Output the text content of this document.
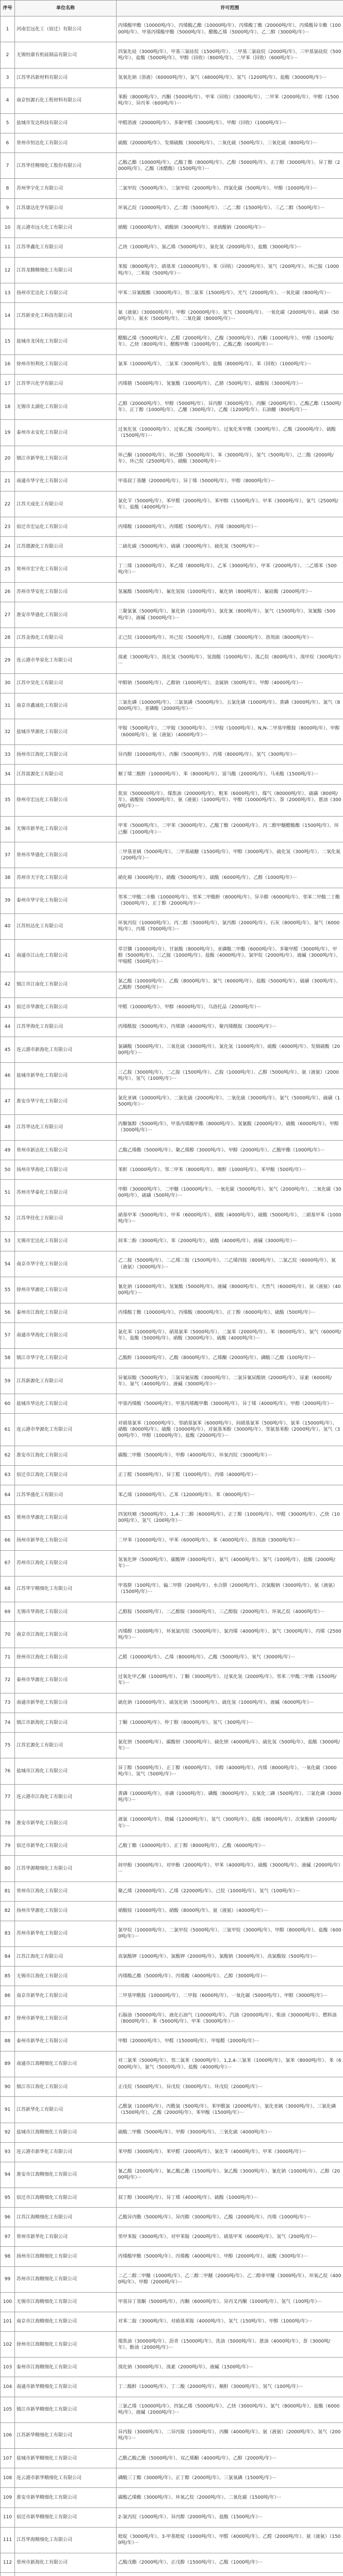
序号	单位名称	许可范围
1	河南宏远化工（宿迁）有限公司	丙烯酸甲酯（10000吨/年）、丙烯酸乙酯（10000吨/年）、丙烯酸丁酯（20000吨/年）、丙烯酸异辛酯（10000吨/年）、甲基丙烯酸甲酯（5000吨/年）、醋酸乙烯（5000吨/年）、乙二醇（3000吨/年）···
2	无锡恒康有机硅制品有限公司	四氯化硅（3000吨/年）、甲基三氯硅烷（1500吨/年）、二甲基二氯硅烷（2000吨/年）、三甲基氯硅烷（500吨/年）、盐酸（5000吨/年）、甲醇（回收）（800吨/年）、二甲苯（回收）（600吨/年）···
3	江苏华昌新材料有限公司	氢氧化钠（溶液）（60000吨/年）、氯气（48000吨/年）、氢气（1200吨/年）、盐酸（30000吨/年）···
4	南京恒源石化工程材料有限公司	苯酚（8000吨/年）、丙酮（5000吨/年）、甲苯（回收）（3000吨/年）、二甲苯（2000吨/年）、甲醇（1500吨/年）、异丙苯（600吨/年）···
5	盐城市发达科技有限公司	甲醛溶液（20000吨/年）、多聚甲醛（3000吨/年）、甲醇（回收）（1000吨/年）···
6	常州市恒达化工有限公司	硫酸（20000吨/年）、发烟硫酸（3000吨/年）、二氧化硫（500吨/年）、三氧化硫（800吨/年）···
7	江苏华佳精细化工股份有限公司	乙酸乙酯（10000吨/年）、乙酸丁酯（8000吨/年）、乙醇（5000吨/年）、正丁醇（3000吨/年）、异丁醇（2000吨/年）、乙酸（冰醋酸）（1500吨/年）···
8	苏州华宇化工有限公司	二氯甲烷（5000吨/年）、三氯甲烷（2000吨/年）、四氯化碳（500吨/年）、甲醇（1000吨/年）···
9	江苏康达化学有限公司	环氧乙烷（10000吨/年）、乙二醇（5000吨/年）、二乙二醇（1500吨/年）、三乙二醇（500吨/年）···
10	连云港市远大化工有限公司	硝酸（10000吨/年）、硝酸钠（3000吨/年）、亚硝酸钠（2000吨/年）···
11	江苏华鑫化工有限公司	乙炔（1000吨/年）、氯乙烯（5000吨/年）、氯化氢（2000吨/年）、盐酸（3000吨/年）···
12	江苏龙腾精细化工有限公司	苯胺（8000吨/年）、硝基苯（10000吨/年）、苯（回收）（2000吨/年）、氢气（200吨/年）、环己胺（1000吨/年）、二苯胺（500吨/年）···
13	扬州市宏达化工有限公司	甲苯二异氰酸酯（3000吨/年）、邻二氯苯（1500吨/年）、光气（2000吨/年）、一氧化碳（800吨/年）···
14	江苏新亚化工科技有限公司	氨（液氨）（30000吨/年）、甲醇（20000吨/年）、氢气（3000吨/年）、一氧化碳（2000吨/年）、硫磺（500吨/年）、氨水（5000吨/年）、二氧化碳（8000吨/年）···
15	盐城市龙冈化工有限公司	醋酸乙烯（5000吨/年）、乙醛（2000吨/年）、乙酸（3000吨/年）、丙酮（1000吨/年）、甲醇（1500吨/年）、乙炔（800吨/年）、醋酸甲酯（1000吨/年）、乙酸乙酯（600吨/年）···
16	徐州市恒利化工有限公司	氯苯（10000吨/年）、二氯苯（3000吨/年）、盐酸（8000吨/年）、苯（回收）（1000吨/年）···
17	江苏华兴化学有限公司	丙烯腈（5000吨/年）、氢氰酸（1000吨/年）、乙腈（500吨/年）、硫酸铵（3000吨/年）···
18	无锡市太湖化工有限公司	乙醇（20000吨/年）、甲醇（5000吨/年）、异丙醇（3000吨/年）、丙酮（2000吨/年）、乙酸乙酯（1500吨/年）、正丁醇（1000吨/年）、乙醚（300吨/年）、乙酸（1200吨/年）、石油醚（800吨/年）···
19	泰州市永安化工有限公司	过氧化氢（10000吨/年）、过氧乙酸（500吨/年）、过氧化苯甲酰（300吨/年）、乙酸（2000吨/年）、硫酸（1500吨/年）···
20	镇江市新华化工有限公司	环己酮（10000吨/年）、环己醇（5000吨/年）、苯（3000吨/年）、氢气（500吨/年）、己二酸（2000吨/年）、环己烷（2500吨/年）、硝酸（3000吨/年）···
21	南通市华宇化工有限公司	甲基叔丁基醚（20000吨/年）、异丁烯（5000吨/年）、甲醇（8000吨/年）···
22	江苏天成化工有限公司	氯化苄（5000吨/年）、苯甲醛（2000吨/年）、苯甲醇（1500吨/年）、甲苯（3000吨/年）、氯气（2500吨/年）、盐酸（4000吨/年）···
23	宿迁市宏运化工有限公司	丙烯酸（10000吨/年）、丙烯醛（500吨/年）、丙烯（8000吨/年）···
24	江苏德源化工有限公司	二硫化碳（5000吨/年）、硫磺（3000吨/年）、硫化氢（500吨/年）···
25	常州市宏宇化工有限公司	丁二烯（10000吨/年）、苯乙烯（8000吨/年）、乙苯（3000吨/年）、甲苯（2000吨/年）、二乙烯苯（500吨/年）···
26	苏州市华安化工有限公司	氢氟酸（5000吨/年）、氟化氢铵（1000吨/年）、氟化钠（800吨/年）、氟硅酸（2000吨/年）···
27	淮安市华盛化工有限公司	三聚氯氰（5000吨/年）、氰化钠（1000吨/年）、氯化氰（800吨/年）、氯气（1500吨/年）、氢氰酸（500吨/年）、液碱（3000吨/年）···
28	江苏金海化工有限公司	正己烷（10000吨/年）、环己烷（5000吨/年）、石油醚（3000吨/年）、溶剂油（8000吨/年）···
29	连云港市华星化工有限公司	溴素（3000吨/年）、溴化氢（500吨/年）、氢溴酸（1000吨/年）、溴乙烷（800吨/年）、溴甲烷（300吨/年）···
30	江苏中昊化工有限公司	甲醇钠（5000吨/年）、乙醇钠（1000吨/年）、金属钠（300吨/年）、甲醇（4000吨/年）···
31	南京市鑫诚化工有限公司	三氯化磷（10000吨/年）、三氯氧磷（5000吨/年）、五氯化磷（1000吨/年）、黄磷（3000吨/年）、氯气（8000吨/年）、亚磷酸（2000吨/年）···
32	盐城市华源化工有限公司	甲胺（5000吨/年）、二甲胺（3000吨/年）、三甲胺（1000吨/年）、N,N-二甲基甲酰胺（8000吨/年）、甲醇（6000吨/年）、氨（液氨）（4000吨/年）···
33	扬州市江海化工有限公司	异丙醇（10000吨/年）、丙酮（5000吨/年）、丙烯（8000吨/年）、氢气（300吨/年）···
34	江苏富源化工有限公司	顺丁烯二酸酐（10000吨/年）、苯（8000吨/年）、富马酸（2000吨/年）、马来酸（1500吨/年）···
35	徐州市宏远化工有限公司	焦炭（500000吨/年）、煤焦油（20000吨/年）、粗苯（6000吨/年）、煤气（80000吨/年）、硫磺（800吨/年）、硫酸铵（5000吨/年）、氨（液氨）（1000吨/年）、甲醇（10000吨/年）、萘（2000吨/年）、蒽油（3000吨/年）···
36	无锡市新华化工有限公司	甲苯（5000吨/年）、二甲苯（3000吨/年）、乙酸丁酯（2000吨/年）、丙二醇甲醚醋酸酯（1500吨/年）、环己酮（1000吨/年）···
37	常州市华盛化工有限公司	二甲基亚砜（5000吨/年）、二甲基硫醚（1500吨/年）、甲醇（3000吨/年）、硫化氢（300吨/年）、二氧化氮（200吨/年）···
38	苏州市天宇化工有限公司	硝化棉（3000吨/年）、硝酸（5000吨/年）、硫酸（6000吨/年）、乙醇（1000吨/年）···
39	泰州市华宇化工有限公司	邻苯二甲酸二辛酯（10000吨/年）、邻苯二甲酸酐（8000吨/年）、异辛醇（6000吨/年）、邻苯二甲酸二丁酯（3000吨/年）、正丁醇（2000吨/年）···
40	江苏恒达化工有限公司	环氧丙烷（10000吨/年）、丙二醇（5000吨/年）、氯丙醇（2000吨/年）、石灰（8000吨/年）、氯气（6000吨/年）、丙烯（7000吨/年）···
41	南通市江山化工有限公司	草甘膦（10000吨/年）、甘氨酸（8000吨/年）、亚磷酸二甲酯（6000吨/年）、多聚甲醛（3000吨/年）、甲醇（5000吨/年）、三乙胺（1000吨/年）、盐酸（4000吨/年）、氯甲烷（2000吨/年）、液碱（3000吨/年）、甲缩醛（500吨/年）···
42	镇江市江南化工有限公司	氯乙酸（10000吨/年）、乙酸（8000吨/年）、氯气（6000吨/年）、盐酸（5000吨/年）、硫磺（300吨/年）、乙酸酐（500吨/年）···
43	宿迁市华源化工有限公司	甲醛（10000吨/年）、甲醇（6000吨/年）、乌洛托品（2000吨/年）···
44	江苏华海化工有限公司	丙烯酰胺（5000吨/年）、丙烯腈（4000吨/年）、聚丙烯酰胺（3000吨/年）···
45	连云港市新海化工有限公司	氯磺酸（5000吨/年）、三氧化硫（3000吨/年）、氯化氢（1000吨/年）、硫酸（4000吨/年）、发烟硫酸（2000吨/年）···
46	盐城市新华化工有限公司	三乙胺（3000吨/年）、二乙胺（1500吨/年）、乙胺（1000吨/年）、乙醇（5000吨/年）、氨（液氨）（2000吨/年）、氢气（100吨/年）···
47	淮安市华宇化工有限公司	氯化亚砜（10000吨/年）、二氯化硫（2000吨/年）、二氧化硫（3000吨/年）、氯气（5000吨/年）、硫磺（1500吨/年）···
48	江苏华达化工有限公司	丙酮氰醇（5000吨/年）、甲基丙烯酸甲酯（8000吨/年）、氢氰酸（2000吨/年）、硫酸（6000吨/年）、甲醇（3000吨/年）···
49	常州市新达化工有限公司	乙酸乙烯酯（5000吨/年）、聚乙烯醇（3000吨/年）、甲醇（2000吨/年）、乙酸甲酯（1000吨/年）···
50	扬州市华海化工有限公司	苯酐（10000吨/年）、邻二甲苯（8000吨/年）、顺酐（1000吨/年）、苯甲酸（500吨/年）···
51	苏州市华泰化工有限公司	甲醇（30000吨/年）、二甲醚（10000吨/年）、一氧化碳（5000吨/年）、氢气（2000吨/年）、二氧化碳（3000吨/年）、硫磺（500吨/年）···
52	江苏华佳化工有限公司	硝基甲苯（5000吨/年）、甲苯（6000吨/年）、硝酸（4000吨/年）、硫酸（5000吨/年）、二硝基甲苯（1000吨/年）···
53	无锡市宏达化工有限公司	间苯二酚（3000吨/年）、苯（2000吨/年）、硫酸（4000吨/年）、液碱（3000吨/年）···
54	南京市华宇化工有限公司	乙二胺（5000吨/年）、二乙烯三胺（1500吨/年）、三乙烯四胺（800吨/年）、二氯乙烷（6000吨/年）、氨（液氨）（3000吨/年）···
55	徐州市华源化工有限公司	氰化钠（10000吨/年）、氢氰酸（5000吨/年）、液碱（8000吨/年）、天然气（6000吨/年）、氨（液氨）（4000吨/年）···
56	泰州市江海化工有限公司	丙烯酸丁酯（10000吨/年）、丙烯酸（8000吨/年）、正丁醇（6000吨/年）、硫酸（500吨/年）···
57	南通市华海化工有限公司	氯化苯（10000吨/年）、硝基氯苯（5000吨/年）、二氯苯（2000吨/年）、苯（8000吨/年）、氯气（6000吨/年）、盐酸（5000吨/年）、硝酸（3000吨/年）、硫酸（4000吨/年）···
58	镇江市华宇化工有限公司	乙酸酐（10000吨/年）、乙酸（8000吨/年）、乙烯酮（2000吨/年）、磷酸三乙酯（100吨/年）···
59	江苏新源化工有限公司	异氰尿酸（5000吨/年）、三氯异氰尿酸（3000吨/年）、二氯异氰尿酸钠（2000吨/年）、尿素（6000吨/年）、氯气（4000吨/年）、液碱（3000吨/年）···
60	盐城市华达化工有限公司	甲基丙烯酸（5000吨/年）、甲基丙烯酸甲酯（3000吨/年）、异丁烯（4000吨/年）、甲醇（2000吨/年）···
61	连云港市华源化工有限公司	对硝基氯苯（10000吨/年）、邻硝基氯苯（6000吨/年）、间硝基氯苯（500吨/年）、氯苯（15000吨/年）、硝酸（8000吨/年）、硫酸（10000吨/年）、对氨基苯酚（3000吨/年）、邻氨基苯酚（2000吨/年）、氢气（300吨/年）、甲醇（1000吨/年）、盐酸（2000吨/年）···
62	淮安市江海化工有限公司	碳酸二甲酯（5000吨/年）、甲醇（4000吨/年）、环氧丙烷（3000吨/年）···
63	宿迁市江海化工有限公司	正丁醛（5000吨/年）、异丁醛（1000吨/年）、丙烯（4000吨/年）···
64	江苏华盛化工有限公司	苯乙烯（10000吨/年）、乙苯（12000吨/年）、苯（8000吨/年）···
65	常州市华源化工有限公司	四氢呋喃（5000吨/年）、1,4-丁二醇（6000吨/年）、正丁醇（1000吨/年）、甲醛（3000吨/年）、乙炔（1000吨/年）、氢气（200吨/年）···
66	扬州市新华化工有限公司	二甲苯（10000吨/年）、甲苯（6000吨/年）、苯（4000吨/年）、溶剂油（3000吨/年）···
67	苏州市江海化工有限公司	氢氧化钾（5000吨/年）、碳酸钾（3000吨/年）、氯气（4000吨/年）、氢气（100吨/年）、盐酸（2000吨/年）···
68	江苏华宇精细化工有限公司	甲基肼（100吨/年）、偏二甲肼（200吨/年）、水合肼（2000吨/年）、次氯酸钠（3000吨/年）、氨（液氨）（1500吨/年）···
69	无锡市华海化工有限公司	乙醇胺（5000吨/年）、二乙醇胺（3000吨/年）、三乙醇胺（2000吨/年）、环氧乙烷（4000吨/年）···
70	南京市江海化工有限公司	丙烯醇（3000吨/年）、环氧氯丙烷（5000吨/年）、氯丙烯（4000吨/年）、氯气（3000吨/年）、丙烯（2500吨/年）···
71	徐州市江海化工有限公司	乙醛（10000吨/年）、乙烯（8000吨/年）、乙酸（5000吨/年）、氧气（3000吨/年）···
72	泰州市华源化工有限公司	过氧化甲乙酮（1000吨/年）、丁酮（3000吨/年）、过氧化氢（2000吨/年）、邻苯二甲酸二甲酯（1500吨/年）···
73	南通市新华化工有限公司	硫化钠（10000吨/年）、硫氢化钠（5000吨/年）、硫化氢（1000吨/年）、液碱（6000吨/年）···
74	镇江市新海化工有限公司	丁酮（10000吨/年）、仲丁醇（8000吨/年）、氢气（300吨/年）···
75	江苏宏源化工有限公司	氯化钡（5000吨/年）、碳酸钡（3000吨/年）、硫化钡（4000吨/年）、硫化氢（500吨/年）、盐酸（3000吨/年）···
76	盐城市江海化工有限公司	异丁醇（5000吨/年）、正丁醇（6000吨/年）、辛醇（4000吨/年）、丙烯（8000吨/年）、一氧化碳（3000吨/年）、氢气（500吨/年）···
77	连云港市江海化工有限公司	黄磷（10000吨/年）、赤磷（1000吨/年）、磷酸（8000吨/年）、五氧化二磷（500吨/年）、三氯化磷（3000吨/年）···
78	淮安市新华化工有限公司	液氯（10000吨/年）、烧碱（12000吨/年）、氢气（300吨/年）、盐酸（8000吨/年）、次氯酸钠（2000吨/年）···
79	宿迁市新华化工有限公司	乙酸丁酯（10000吨/年）、正丁醇（8000吨/年）、乙酸（6000吨/年）···
80	江苏华源精细化工有限公司	间甲酚（3000吨/年）、对甲酚（2000吨/年）、甲苯（4000吨/年）、硫酸（3000吨/年）、液碱（2000吨/年）···
81	常州市江海化工有限公司	聚乙烯（20000吨/年）、乙烯（22000吨/年）、己烷（1000吨/年）、氢气（100吨/年）···
82	扬州市华源化工有限公司	硝酸铵（10000吨/年）、硝酸（8000吨/年）、氨（液氨）（4000吨/年）···
83	苏州市新华化工有限公司	氯甲烷（10000吨/年）、二氯甲烷（5000吨/年）、三氯甲烷（3000吨/年）、甲醇（8000吨/年）、盐酸（6000吨/年）···
84	江苏江海化工有限公司	高氯酸钾（1000吨/年）、氯酸钾（2000吨/年）、氯酸钠（3000吨/年）、高氯酸铵（500吨/年）···
85	无锡市江海化工有限公司	丙烯酸乙酯（5000吨/年）、丙烯酸（4000吨/年）、乙醇（3000吨/年）···
86	南京市新华化工有限公司	二甲基甲酰胺（10000吨/年）、二甲胺（6000吨/年）、一氧化碳（5000吨/年）、甲醇（3000吨/年）···
87	徐州市新华化工有限公司	石脑油（50000吨/年）、液化石油气（10000吨/年）、汽油（20000吨/年）、柴油（30000吨/年）、燃料油（8000吨/年）、苯（5000吨/年）、甲苯（3000吨/年）···
88	泰州市新华化工有限公司	甲醇（20000吨/年）、甲醛（15000吨/年）、甲缩醛（2000吨/年）···
89	南通市江海精细化工有限公司	对二氯苯（5000吨/年）、邻二氯苯（3000吨/年）、1,2,4-三氯苯（1000吨/年）、氯苯（8000吨/年）、苯（6000吨/年）、氯气（5000吨/年）、盐酸（4000吨/年）···
90	镇江市江海化工有限公司	正戊烷（5000吨/年）、异戊烷（3000吨/年）、环戊烷（2000吨/年）···
91	江苏新华化工有限公司	乙酰氯（1000吨/年）、丙酰氯（500吨/年）、苯甲酰氯（2000吨/年）、氯化亚砜（3000吨/年）、三氯化磷（1500吨/年）、乙酸（2000吨/年）、苯甲酸（1500吨/年）···
92	盐城市江海精细化工有限公司	硫酸二甲酯（5000吨/年）、甲醇（3000吨/年）、三氧化硫（4000吨/年）···
93	连云港市新华化工有限公司	苯甲醇（3000吨/年）、苯甲醛（2000吨/年）、氯化苄（4000吨/年）、甲苯（3000吨/年）···
94	淮安市江海精细化工有限公司	氰乙酸（2000吨/年）、氰乙酸乙酯（1500吨/年）、氯乙酸（3000吨/年）、氰化钠（1000吨/年）、乙醇（2000吨/年）···
95	宿迁市江海精细化工有限公司	叔丁醇（3000吨/年）、异丁烯（4000吨/年）、硫酸（1000吨/年）···
96	江苏江海精细化工有限公司	乙酸异丙酯（5000吨/年）、异丙醇（3000吨/年）、乙酸（2000吨/年）、丙烯（1000吨/年）···
97	常州市新华化工有限公司	邻甲苯胺（3000吨/年）、对甲苯胺（2000吨/年）、硝基甲苯（6000吨/年）、氢气（200吨/年）···
98	扬州市江海精细化工有限公司	丙烯酸甲酯（5000吨/年）、丙烯酸（4000吨/年）、甲醇（2000吨/年）、硫酸（300吨/年）···
99	苏州市江海精细化工有限公司	二乙二醇二甲醚（1000吨/年）、乙二醇二甲醚（2000吨/年）、乙二醇单甲醚（3000吨/年）、环氧乙烷（4000吨/年）、甲醇（2000吨/年）···
100	无锡市江海精细化工有限公司	甲基异丁基酮（5000吨/年）、丙酮（6000吨/年）、异丙叉丙酮（1000吨/年）、氢气（100吨/年）···
101	南京市江海精细化工有限公司	对苯二胺（3000吨/年）、对硝基苯胺（4000吨/年）、氢气（150吨/年）、甲醇（1000吨/年）···
102	徐州市江海精细化工有限公司	煤焦油（30000吨/年）、沥青（15000吨/年）、洗油（5000吨/年）、蒽油（4000吨/年）、萘（3000吨/年）、酚油（2000吨/年）···
103	泰州市江海精细化工有限公司	溴化钠（3000吨/年）、溴素（2000吨/年）、液碱（1500吨/年）···
104	南通市新华精细化工有限公司	丁二酸酐（1000吨/年）、丁二酸（2000吨/年）、顺酐（3000吨/年）、氢气（100吨/年）···
105	镇江市新华精细化工有限公司	三氯乙烯（10000吨/年）、四氯乙烯（5000吨/年）、乙炔（3000吨/年）、氯气（8000吨/年）、盐酸（6000吨/年）、液碱（2000吨/年）···
106	江苏新华精细化工有限公司	异丙胺（3000吨/年）、二异丙胺（1000吨/年）、丙酮（4000吨/年）、氨（液氨）（2000吨/年）、氢气（200吨/年）···
107	盐城市新华精细化工有限公司	乙酰乙酸乙酯（5000吨/年）、双乙烯酮（4000吨/年）、乙醇（2000吨/年）···
108	连云港市新华精细化工有限公司	磷酸三丁酯（3000吨/年）、正丁醇（2000吨/年）、三氯氧磷（1500吨/年）···
109	淮安市新华精细化工有限公司	碳酸乙烯酯（3000吨/年）、环氧乙烷（2000吨/年）、二氧化碳（1500吨/年）···
110	宿迁市新华精细化工有限公司	2-氯丙烷（1000吨/年）、异丙醇（2000吨/年）、盐酸（1500吨/年）···
111	江苏华海精细化工有限公司	吡啶（3000吨/年）、3-甲基吡啶（1000吨/年）、甲醛（4000吨/年）、乙醛（2000吨/年）、氨（液氨）（1500吨/年）···
112	常州市新海化工有限公司	乙酸戊酯（2000吨/年）、正戊醇（1500吨/年）、乙酸（1000吨/年）···
